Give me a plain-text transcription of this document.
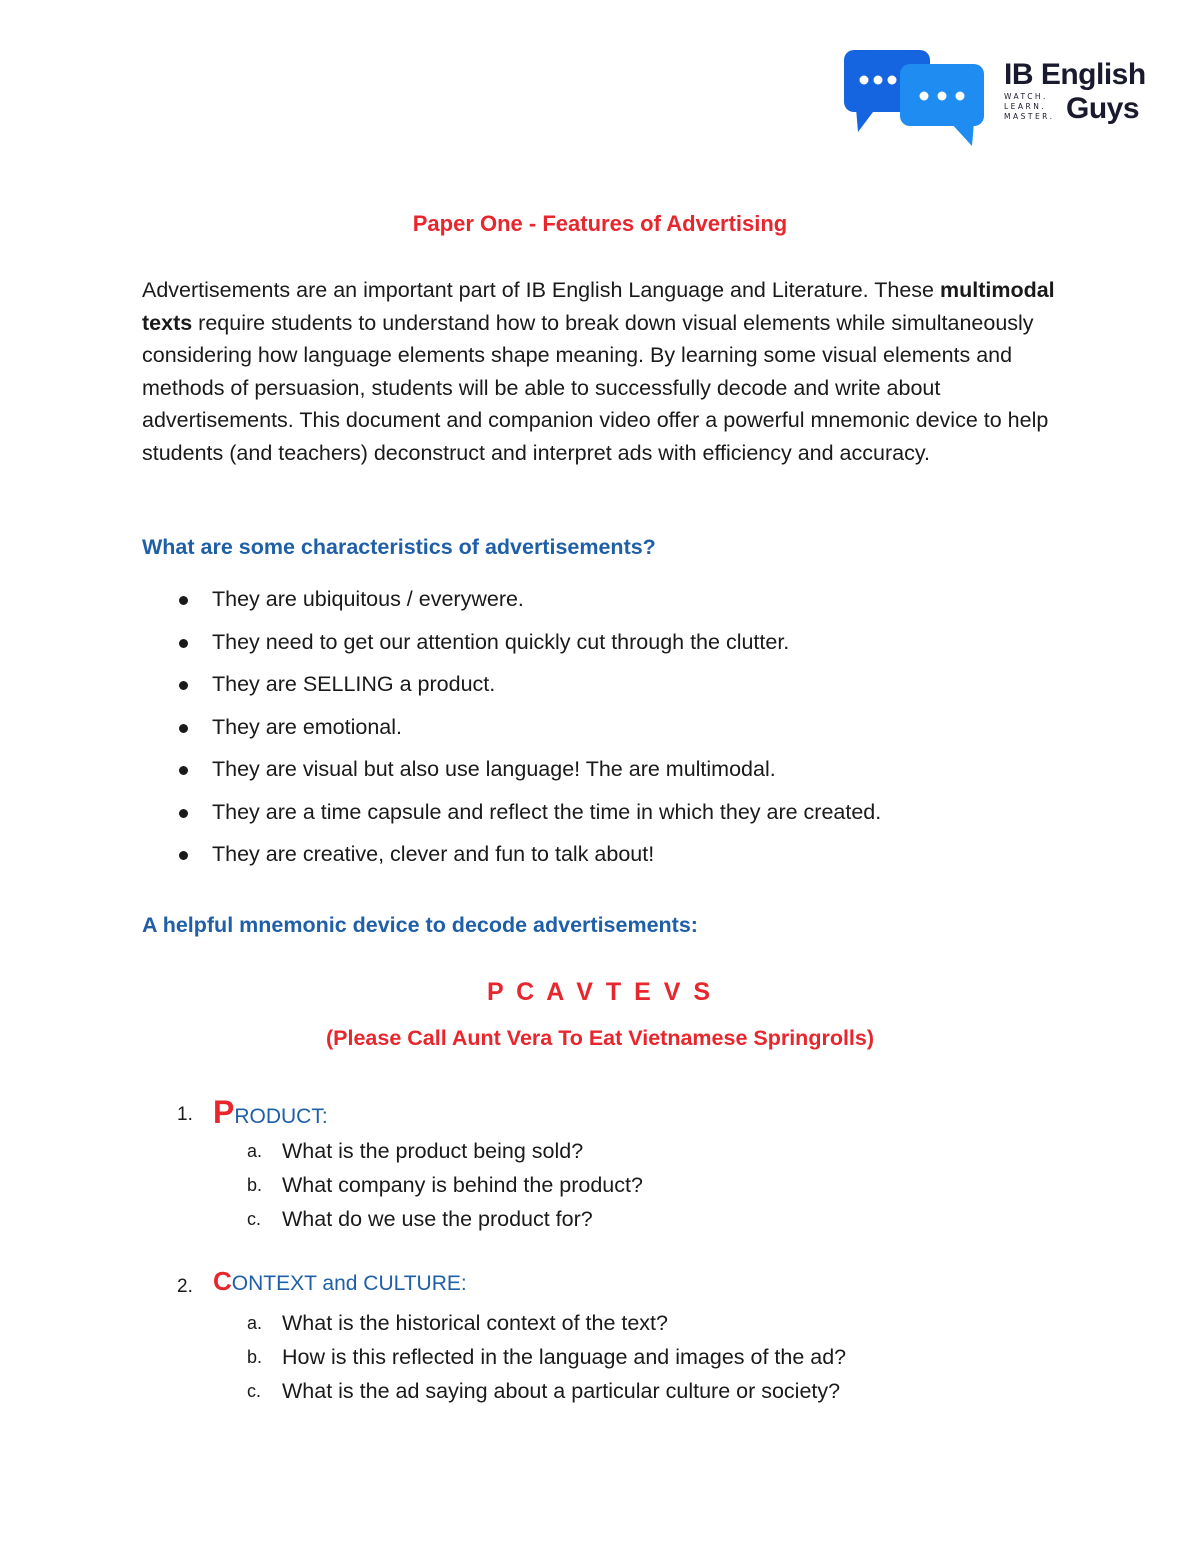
IB English
WATCH.
LEARN.
MASTER. Guys
Paper One - Features of Advertising

Advertisements are an important part of IB English Language and Literature. These multimodal texts require students to understand how to break down visual elements while simultaneously considering how language elements shape meaning. By learning some visual elements and methods of persuasion, students will be able to successfully decode and write about advertisements. This document and companion video offer a powerful mnemonic device to help students (and teachers) deconstruct and interpret ads with efficiency and accuracy.

What are some characteristics of advertisements?
They are ubiquitous / everywere.
They need to get our attention quickly cut through the clutter.
They are SELLING a product.
They are emotional.
They are visual but also use language! The are multimodal.
They are a time capsule and reflect the time in which they are created.
They are creative, clever and fun to talk about!
A helpful mnemonic device to decode advertisements:
P C A V T E V S
(Please Call Aunt Vera To Eat Vietnamese Springrolls)
1. PRODUCT:
a. What is the product being sold?
b. What company is behind the product?
c. What do we use the product for?
2. CONTEXT and CULTURE:
a. What is the historical context of the text?
b. How is this reflected in the language and images of the ad?
c. What is the ad saying about a particular culture or society?
